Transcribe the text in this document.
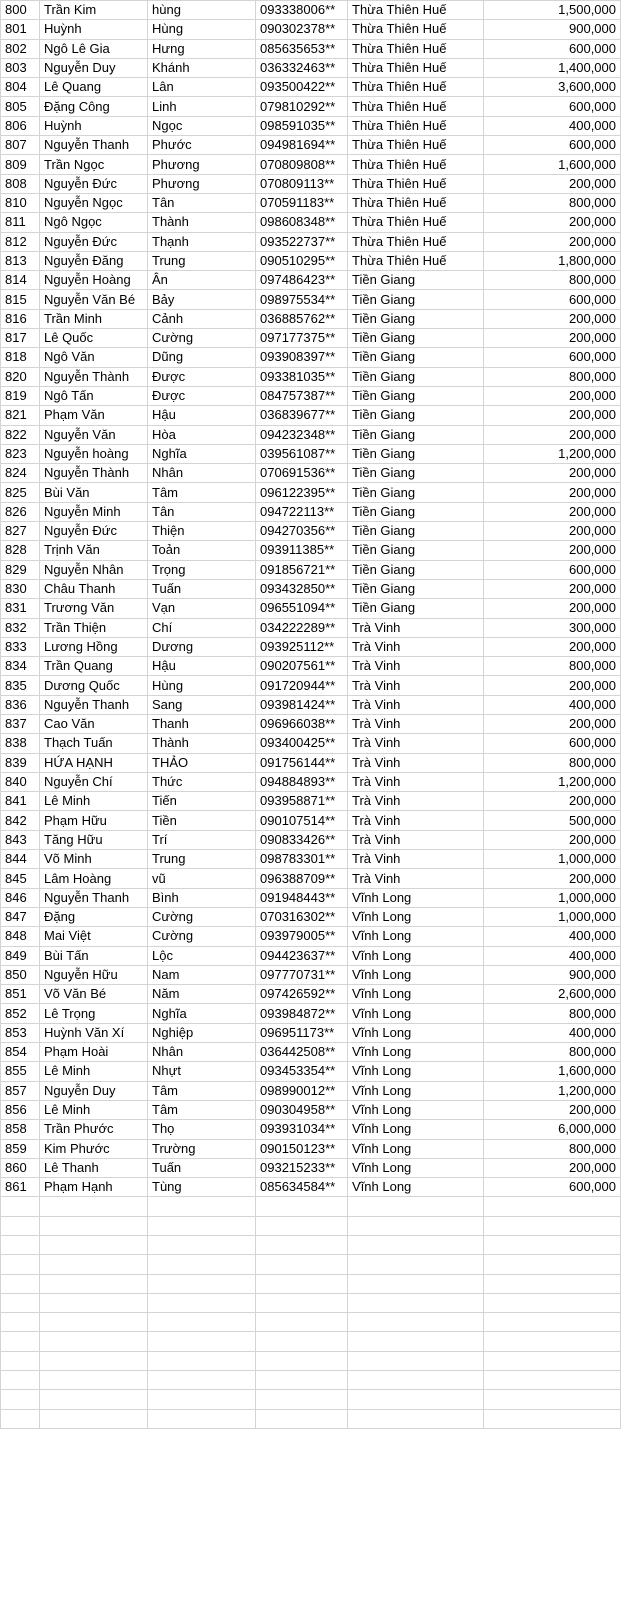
800	Trần Kim	hùng	093338006**	Thừa Thiên Huế	1,500,000
801	Huỳnh	Hùng	090302378**	Thừa Thiên Huế	900,000
802	Ngô Lê Gia	Hưng	085635653**	Thừa Thiên Huế	600,000
803	Nguyễn Duy	Khánh	036332463**	Thừa Thiên Huế	1,400,000
804	Lê Quang	Lân	093500422**	Thừa Thiên Huế	3,600,000
805	Đặng Công	Linh	079810292**	Thừa Thiên Huế	600,000
806	Huỳnh	Ngọc	098591035**	Thừa Thiên Huế	400,000
807	Nguyễn Thanh	Phước	094981694**	Thừa Thiên Huế	600,000
809	Trần Ngọc	Phương	070809808**	Thừa Thiên Huế	1,600,000
808	Nguyễn Đức	Phương	070809113**	Thừa Thiên Huế	200,000
810	Nguyễn Ngọc	Tân	070591183**	Thừa Thiên Huế	800,000
811	Ngô Ngọc	Thành	098608348**	Thừa Thiên Huế	200,000
812	Nguyễn Đức	Thạnh	093522737**	Thừa Thiên Huế	200,000
813	Nguyễn Đăng	Trung	090510295**	Thừa Thiên Huế	1,800,000
814	Nguyễn Hoàng	Ân	097486423**	Tiền Giang	800,000
815	Nguyễn Văn Bé	Bảy	098975534**	Tiền Giang	600,000
816	Trần Minh	Cảnh	036885762**	Tiền Giang	200,000
817	Lê Quốc	Cường	097177375**	Tiền Giang	200,000
818	Ngô Văn	Dũng	093908397**	Tiền Giang	600,000
820	Nguyễn Thành	Được	093381035**	Tiền Giang	800,000
819	Ngô Tấn	Được	084757387**	Tiền Giang	200,000
821	Phạm Văn	Hậu	036839677**	Tiền Giang	200,000
822	Nguyễn Văn	Hòa	094232348**	Tiền Giang	200,000
823	Nguyễn hoàng	Nghĩa	039561087**	Tiền Giang	1,200,000
824	Nguyễn Thành	Nhân	070691536**	Tiền Giang	200,000
825	Bùi Văn	Tâm	096122395**	Tiền Giang	200,000
826	Nguyễn Minh	Tân	094722113**	Tiền Giang	200,000
827	Nguyễn Đức	Thiện	094270356**	Tiền Giang	200,000
828	Trịnh Văn	Toản	093911385**	Tiền Giang	200,000
829	Nguyễn Nhân	Trọng	091856721**	Tiền Giang	600,000
830	Châu Thanh	Tuấn	093432850**	Tiền Giang	200,000
831	Trương Văn	Vạn	096551094**	Tiền Giang	200,000
832	Trần Thiện	Chí	034222289**	Trà Vinh	300,000
833	Lương Hồng	Dương	093925112**	Trà Vinh	200,000
834	Trần Quang	Hậu	090207561**	Trà Vinh	800,000
835	Dương Quốc	Hùng	091720944**	Trà Vinh	200,000
836	Nguyễn Thanh	Sang	093981424**	Trà Vinh	400,000
837	Cao Văn	Thanh	096966038**	Trà Vinh	200,000
838	Thạch Tuấn	Thành	093400425**	Trà Vinh	600,000
839	HỨA HẠNH	THẢO	091756144**	Trà Vinh	800,000
840	Nguyễn Chí	Thức	094884893**	Trà Vinh	1,200,000
841	Lê Minh	Tiến	093958871**	Trà Vinh	200,000
842	Phạm Hữu	Tiền	090107514**	Trà Vinh	500,000
843	Tăng Hữu	Trí	090833426**	Trà Vinh	200,000
844	Võ Minh	Trung	098783301**	Trà Vinh	1,000,000
845	Lâm Hoàng	vũ	096388709**	Trà Vinh	200,000
846	Nguyễn Thanh	Bình	091948443**	Vĩnh Long	1,000,000
847	Đặng	Cường	070316302**	Vĩnh Long	1,000,000
848	Mai Việt	Cường	093979005**	Vĩnh Long	400,000
849	Bùi Tấn	Lộc	094423637**	Vĩnh Long	400,000
850	Nguyễn Hữu	Nam	097770731**	Vĩnh Long	900,000
851	Võ Văn Bé	Năm	097426592**	Vĩnh Long	2,600,000
852	Lê Trọng	Nghĩa	093984872**	Vĩnh Long	800,000
853	Huỳnh Văn Xí	Nghiệp	096951173**	Vĩnh Long	400,000
854	Phạm Hoài	Nhân	036442508**	Vĩnh Long	800,000
855	Lê Minh	Nhựt	093453354**	Vĩnh Long	1,600,000
857	Nguyễn Duy	Tâm	098990012**	Vĩnh Long	1,200,000
856	Lê Minh	Tâm	090304958**	Vĩnh Long	200,000
858	Trần Phước	Thọ	093931034**	Vĩnh Long	6,000,000
859	Kim Phước	Trường	090150123**	Vĩnh Long	800,000
860	Lê Thanh	Tuấn	093215233**	Vĩnh Long	200,000
861	Phạm Hạnh	Tùng	085634584**	Vĩnh Long	600,000
